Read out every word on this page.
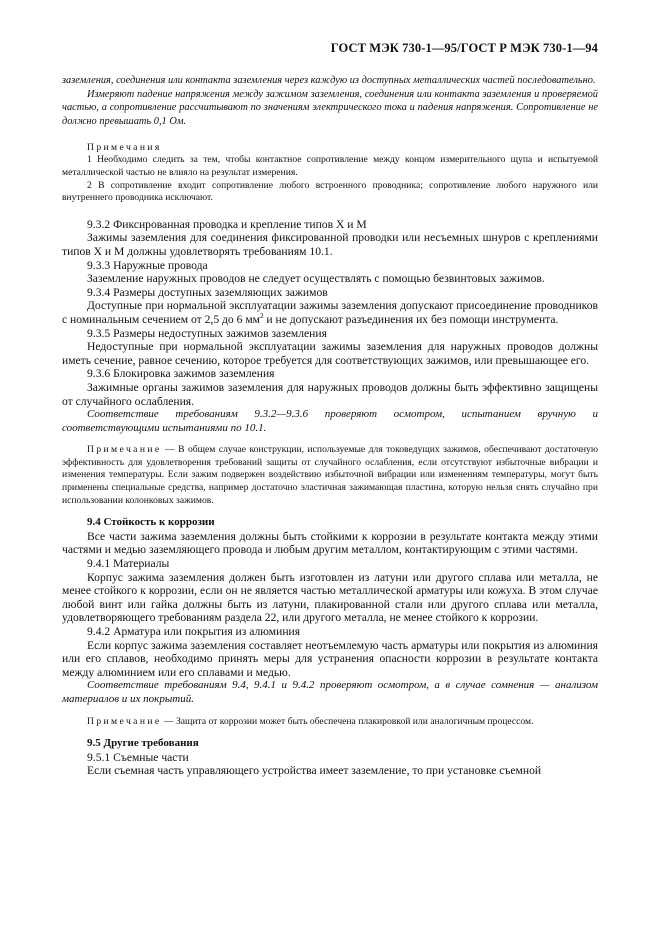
ГОСТ МЭК 730-1—95/ГОСТ Р МЭК 730-1—94

заземления, соединения или контакта заземления через каждую из доступных металлических частей последовательно.

Измеряют падение напряжения между зажимом заземления, соединения или контакта заземления и проверяемой частью, а сопротивление рассчитывают по значениям электрического тока и падения напряжения. Сопротивление не должно превышать 0,1 Ом.

Примечания

1 Необходимо следить за тем, чтобы контактное сопротивление между концом измерительного щупа и испытуемой металлической частью не влияло на результат измерения.

2 В сопротивление входит сопротивление любого встроенного проводника; сопротивление любого наружного или внутреннего проводника исключают.

9.3.2 Фиксированная проводка и крепление типов X и M

Зажимы заземления для соединения фиксированной проводки или несъемных шнуров с креплениями типов X и M должны удовлетворять требованиям 10.1.

9.3.3 Наружные провода

Заземление наружных проводов не следует осуществлять с помощью безвинтовых зажимов.

9.3.4 Размеры доступных заземляющих зажимов

Доступные при нормальной эксплуатации зажимы заземления допускают присоединение проводников с номинальным сечением от 2,5 до 6 $мм^2$ и не допускают разъединения их без помощи инструмента.

9.3.5 Размеры недоступных зажимов заземления

Недоступные при нормальной эксплуатации зажимы заземления для наружных проводов должны иметь сечение, равное сечению, которое требуется для соответствующих зажимов, или превышающее его.

9.3.6 Блокировка зажимов заземления

Зажимные органы зажимов заземления для наружных проводов должны быть эффективно защищены от случайного ослабления.

Соответствие требованиям 9.3.2—9.3.6 проверяют осмотром, испытанием вручную и соответствующими испытаниями по 10.1.

Примечание — В общем случае конструкции, используемые для токоведущих зажимов, обеспечивают достаточную эффективность для удовлетворения требований защиты от случайного ослабления, если отсутствуют избыточные вибрации и изменения температуры. Если зажим подвержен воздействию избыточной вибрации или изменениям температуры, могут быть применены специальные средства, например достаточно эластичная зажимающая пластина, которую нельзя снять случайно при использовании колонковых зажимов.

9.4 Стойкость к коррозии

Все части зажима заземления должны быть стойкими к коррозии в результате контакта между этими частями и медью заземляющего провода и любым другим металлом, контактирующим с этими частями.

9.4.1 Материалы

Корпус зажима заземления должен быть изготовлен из латуни или другого сплава или металла, не менее стойкого к коррозии, если он не является частью металлической арматуры или кожуха. В этом случае любой винт или гайка должны быть из латуни, плакированной стали или другого сплава или металла, удовлетворяющего требованиям раздела 22, или другого металла, не менее стойкого к коррозии.

9.4.2 Арматура или покрытия из алюминия

Если корпус зажима заземления составляет неотъемлемую часть арматуры или покрытия из алюминия или его сплавов, необходимо принять меры для устранения опасности коррозии в результате контакта между алюминием или его сплавами и медью.

Соответствие требованиям 9.4, 9.4.1 и 9.4.2 проверяют осмотром, а в случае сомнения — анализом материалов и их покрытий.

Примечание — Защита от коррозии может быть обеспечена плакировкой или аналогичным процессом.

9.5 Другие требования

9.5.1 Съемные части

Если съемная часть управляющего устройства имеет заземление, то при установке съемной
